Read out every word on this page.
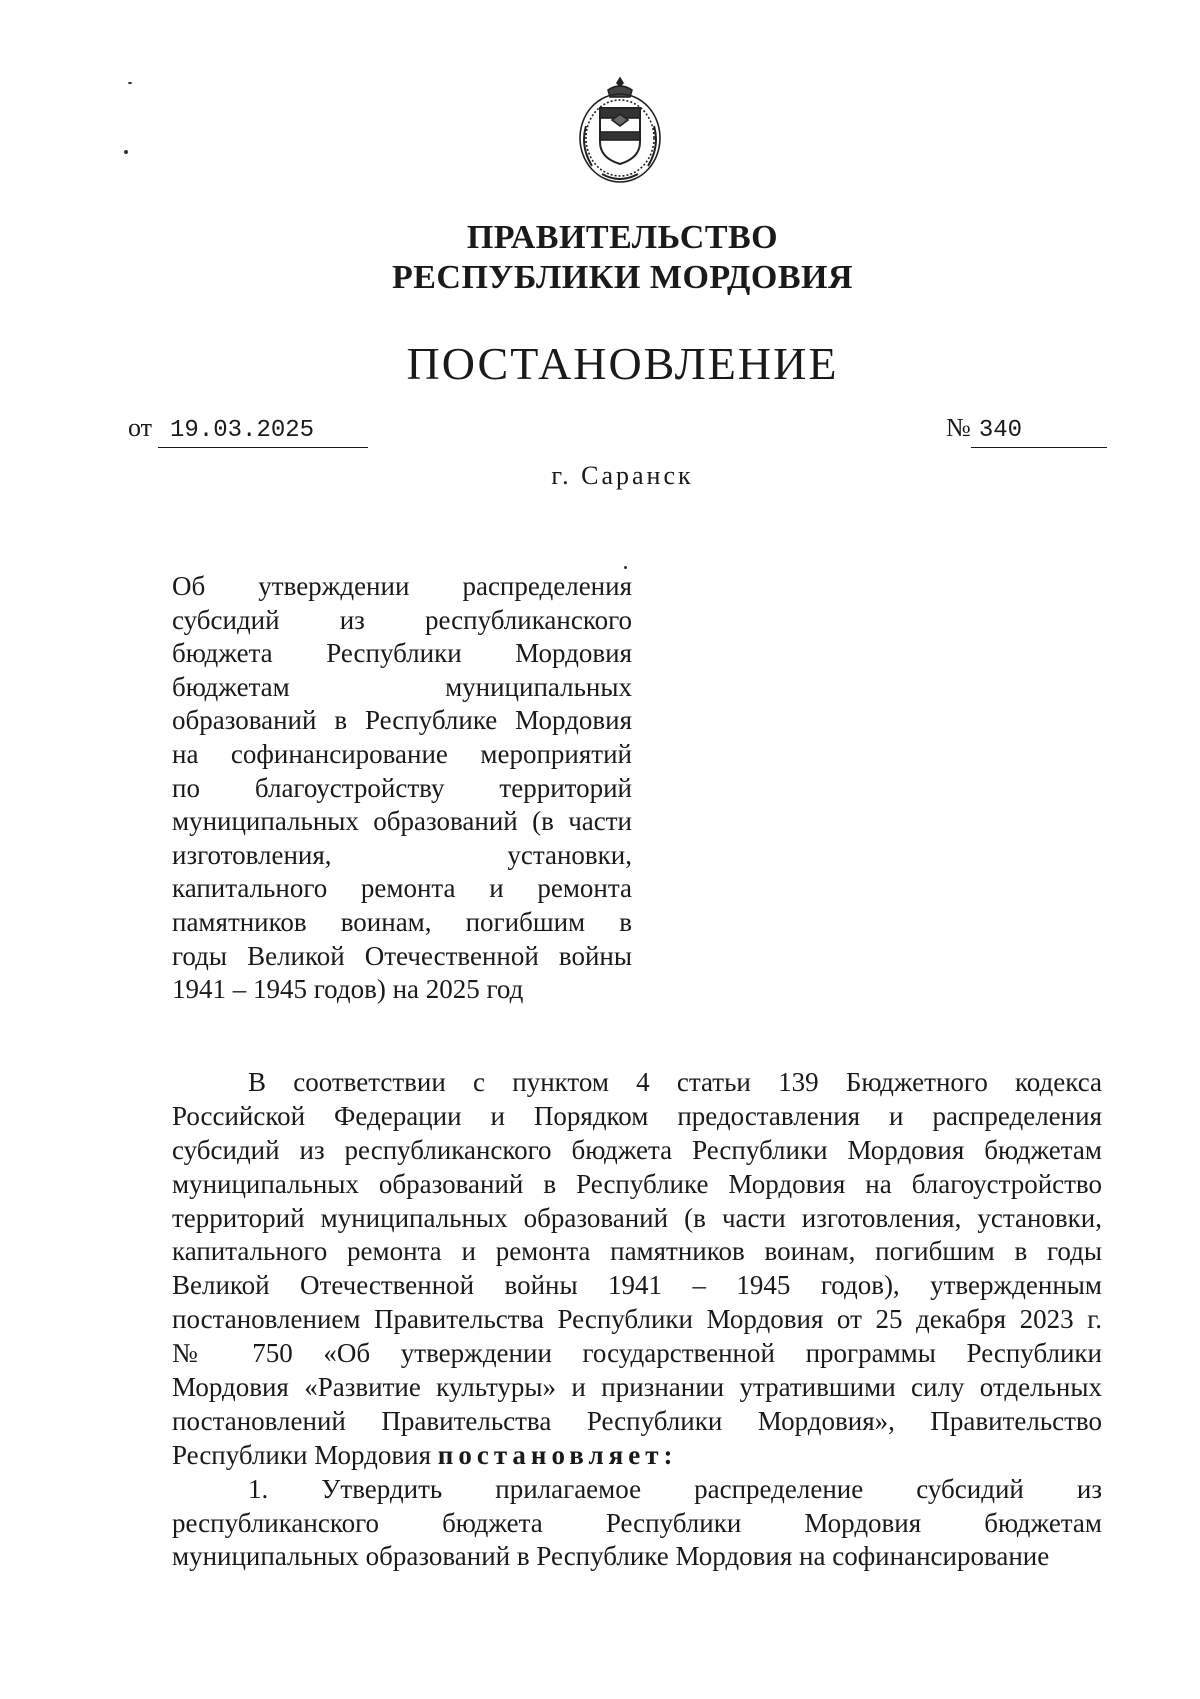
ПРАВИТЕЛЬСТВО
РЕСПУБЛИКИ МОРДОВИЯ
ПОСТАНОВЛЕНИЕ
от 19.03.2025	№ 340
г. Саранск
Об утверждении распределения
субсидий из республиканского
бюджета Республики Мордовия
бюджетам муниципальных
образований в Республике Мордовия
на софинансирование мероприятий
по благоустройству территорий
муниципальных образований (в части
изготовления, установки,
капитального ремонта и ремонта
памятников воинам, погибшим в
годы Великой Отечественной войны
1941 – 1945 годов) на 2025 год
В соответствии с пунктом 4 статьи 139 Бюджетного кодекса
Российской Федерации и Порядком предоставления и распределения
субсидий из республиканского бюджета Республики Мордовия бюджетам
муниципальных образований в Республике Мордовия на благоустройство
территорий муниципальных образований (в части изготовления, установки,
капитального ремонта и ремонта памятников воинам, погибшим в годы
Великой Отечественной войны 1941 – 1945 годов), утвержденным
постановлением Правительства Республики Мордовия от 25 декабря 2023 г.
№ 750 «Об утверждении государственной программы Республики
Мордовия «Развитие культуры» и признании утратившими силу отдельных
постановлений Правительства Республики Мордовия», Правительство
Республики Мордовия постановляет:
1. Утвердить прилагаемое распределение субсидий из
республиканского бюджета Республики Мордовия бюджетам
муниципальных образований в Республике Мордовия на софинансирование
